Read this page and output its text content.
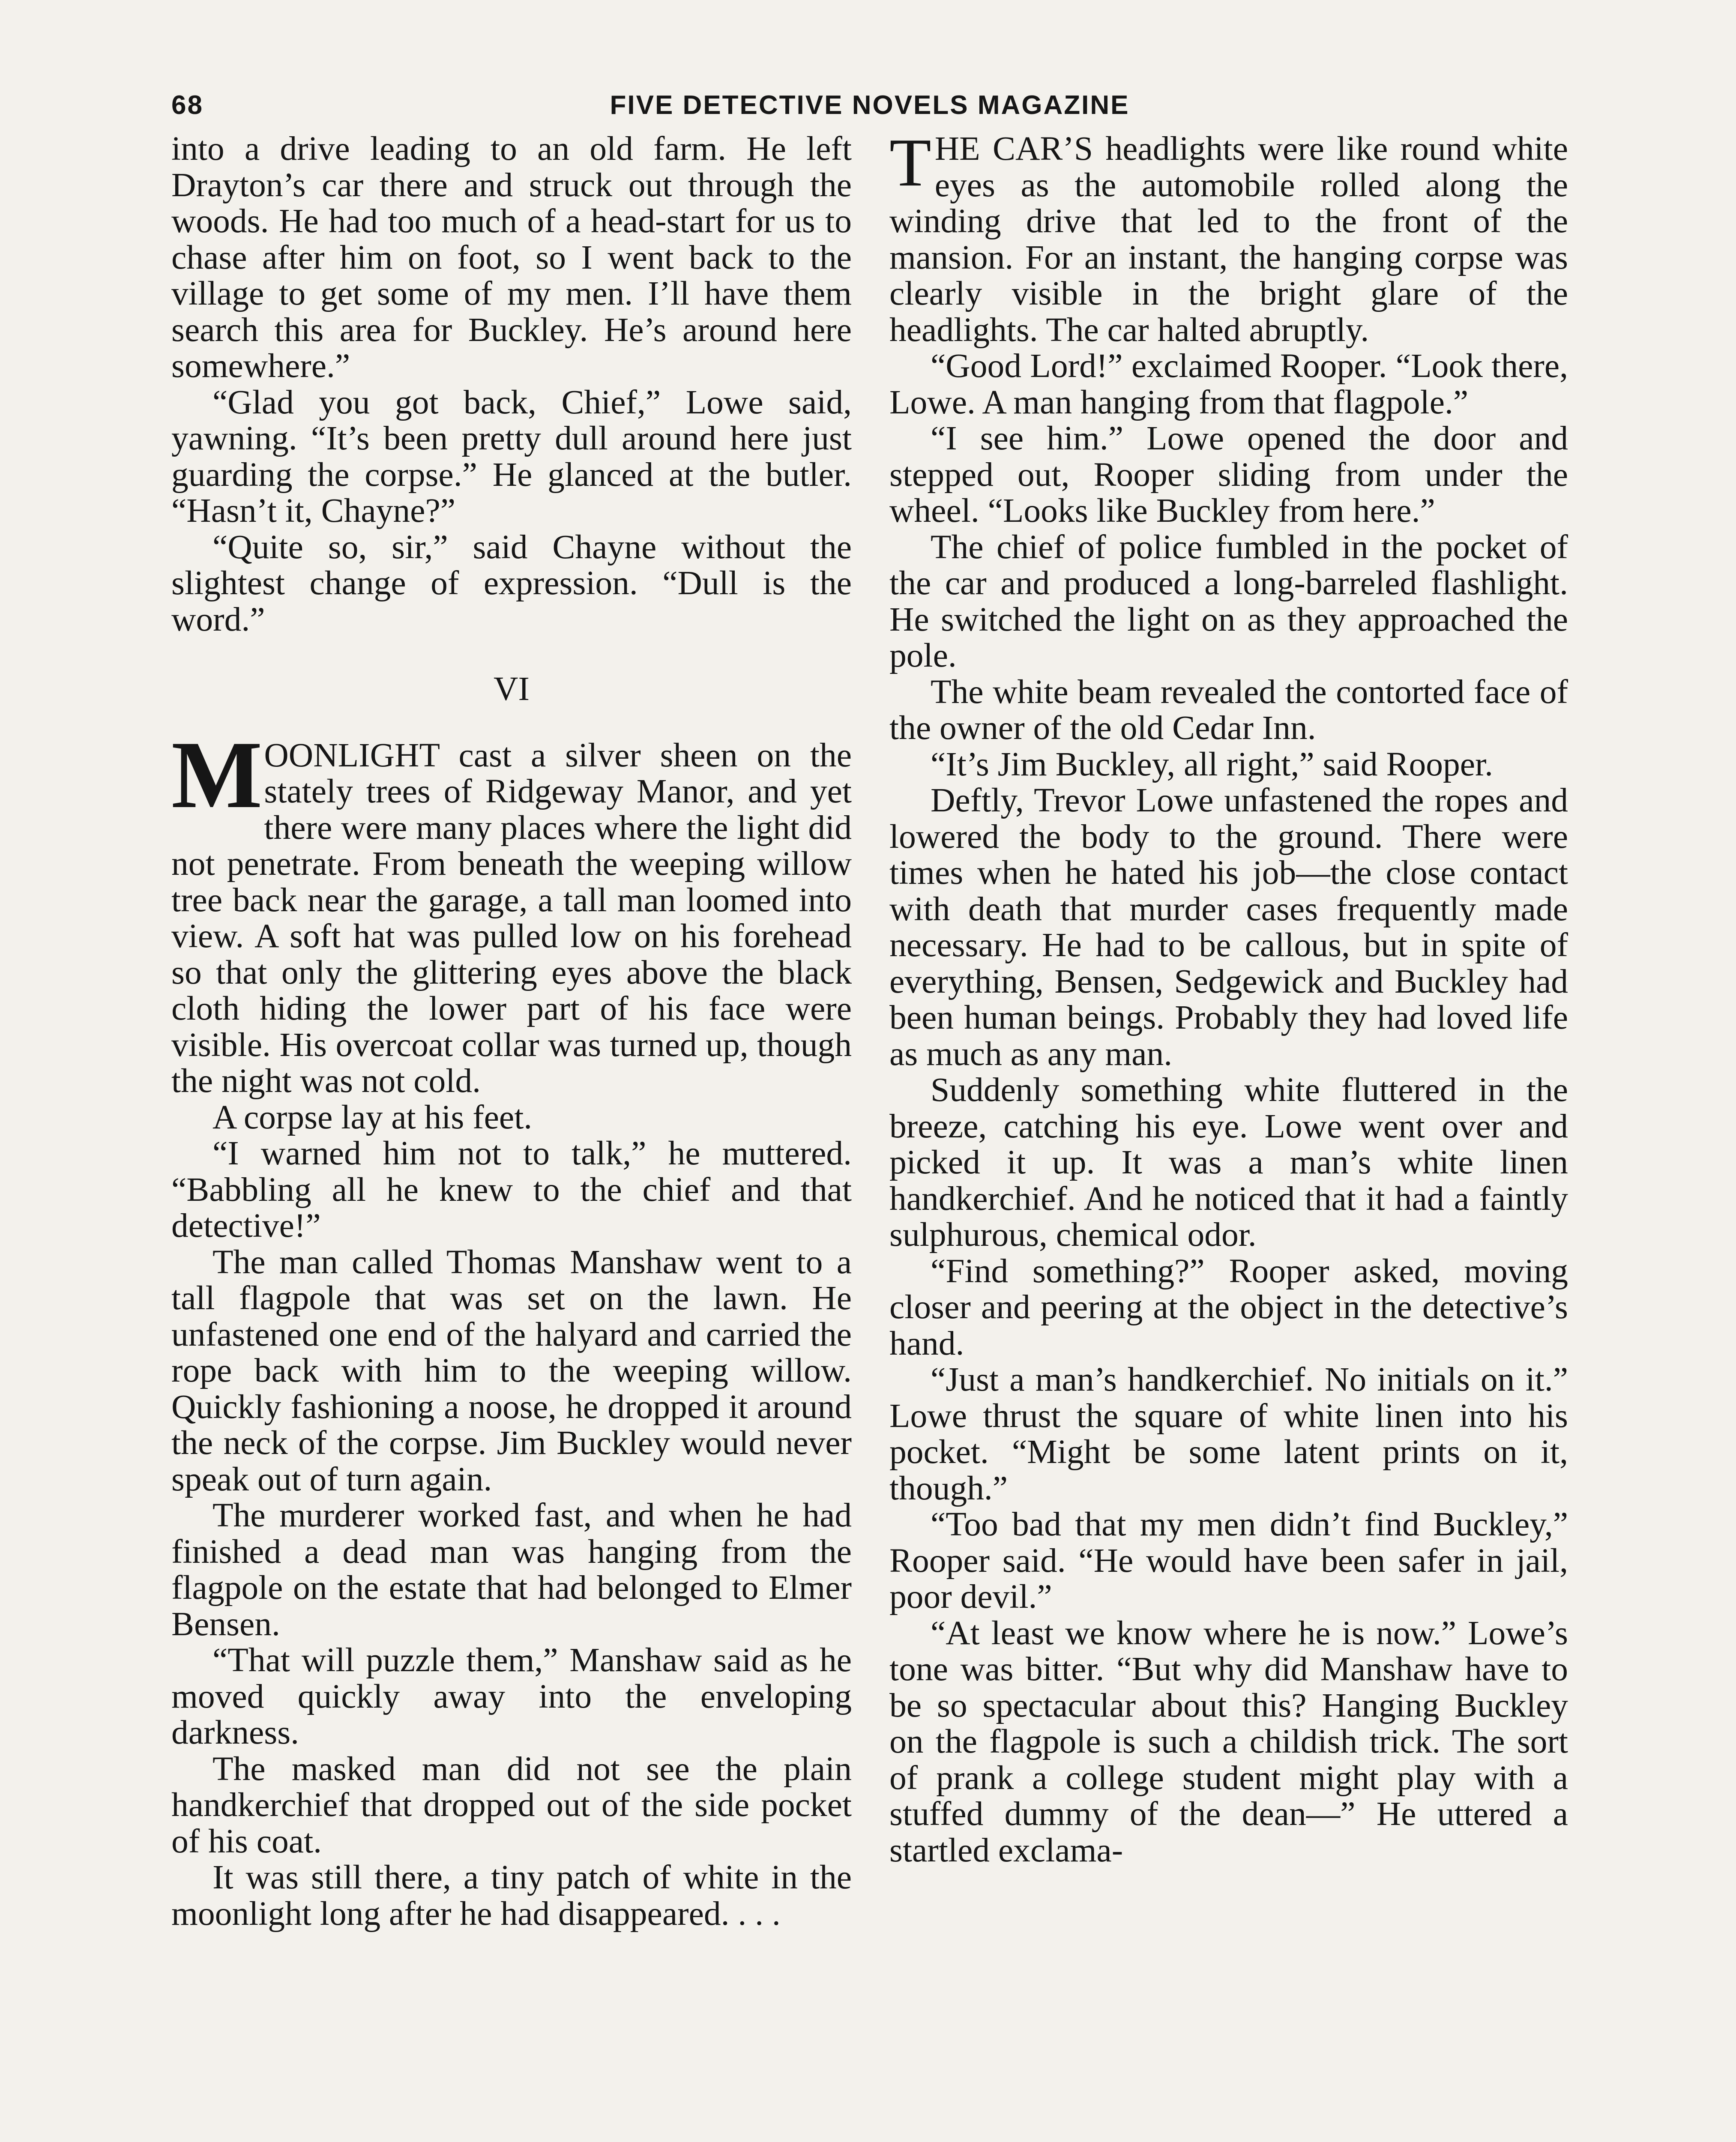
68	FIVE DETECTIVE NOVELS MAGAZINE

into a drive leading to an old farm. He left Drayton’s car there and struck out through the woods. He had too much of a head-start for us to chase after him on foot, so I went back to the village to get some of my men. I’ll have them search this area for Buckley. He’s around here somewhere.”

“Glad you got back, Chief,” Lowe said, yawning. “It’s been pretty dull around here just guarding the corpse.” He glanced at the butler. “Hasn’t it, Chayne?”

“Quite so, sir,” said Chayne without the slightest change of expression. “Dull is the word.”

VI

MOONLIGHT cast a silver sheen on the stately trees of Ridgeway Manor, and yet there were many places where the light did not penetrate. From beneath the weeping willow tree back near the garage, a tall man loomed into view. A soft hat was pulled low on his forehead so that only the glittering eyes above the black cloth hiding the lower part of his face were visible. His overcoat collar was turned up, though the night was not cold.

A corpse lay at his feet.

“I warned him not to talk,” he muttered. “Babbling all he knew to the chief and that detective!”

The man called Thomas Manshaw went to a tall flagpole that was set on the lawn. He unfastened one end of the halyard and carried the rope back with him to the weeping willow. Quickly fashioning a noose, he dropped it around the neck of the corpse. Jim Buckley would never speak out of turn again.

The murderer worked fast, and when he had finished a dead man was hanging from the flagpole on the estate that had belonged to Elmer Bensen.

“That will puzzle them,” Manshaw said as he moved quickly away into the enveloping darkness.

The masked man did not see the plain handkerchief that dropped out of the side pocket of his coat.

It was still there, a tiny patch of white in the moonlight long after he had disappeared. . . .

THE CAR’S headlights were like round white eyes as the automobile rolled along the winding drive that led to the front of the mansion. For an instant, the hanging corpse was clearly visible in the bright glare of the headlights. The car halted abruptly.

“Good Lord!” exclaimed Rooper. “Look there, Lowe. A man hanging from that flagpole.”

“I see him.” Lowe opened the door and stepped out, Rooper sliding from under the wheel. “Looks like Buckley from here.”

The chief of police fumbled in the pocket of the car and produced a long-barreled flashlight. He switched the light on as they approached the pole.

The white beam revealed the contorted face of the owner of the old Cedar Inn.

“It’s Jim Buckley, all right,” said Rooper.

Deftly, Trevor Lowe unfastened the ropes and lowered the body to the ground. There were times when he hated his job—the close contact with death that murder cases frequently made necessary. He had to be callous, but in spite of everything, Bensen, Sedgewick and Buckley had been human beings. Probably they had loved life as much as any man.

Suddenly something white fluttered in the breeze, catching his eye. Lowe went over and picked it up. It was a man’s white linen handkerchief. And he noticed that it had a faintly sulphurous, chemical odor.

“Find something?” Rooper asked, moving closer and peering at the object in the detective’s hand.

“Just a man’s handkerchief. No initials on it.” Lowe thrust the square of white linen into his pocket. “Might be some latent prints on it, though.”

“Too bad that my men didn’t find Buckley,” Rooper said. “He would have been safer in jail, poor devil.”

“At least we know where he is now.” Lowe’s tone was bitter. “But why did Manshaw have to be so spectacular about this? Hanging Buckley on the flagpole is such a childish trick. The sort of prank a college student might play with a stuffed dummy of the dean—” He uttered a startled exclama-
